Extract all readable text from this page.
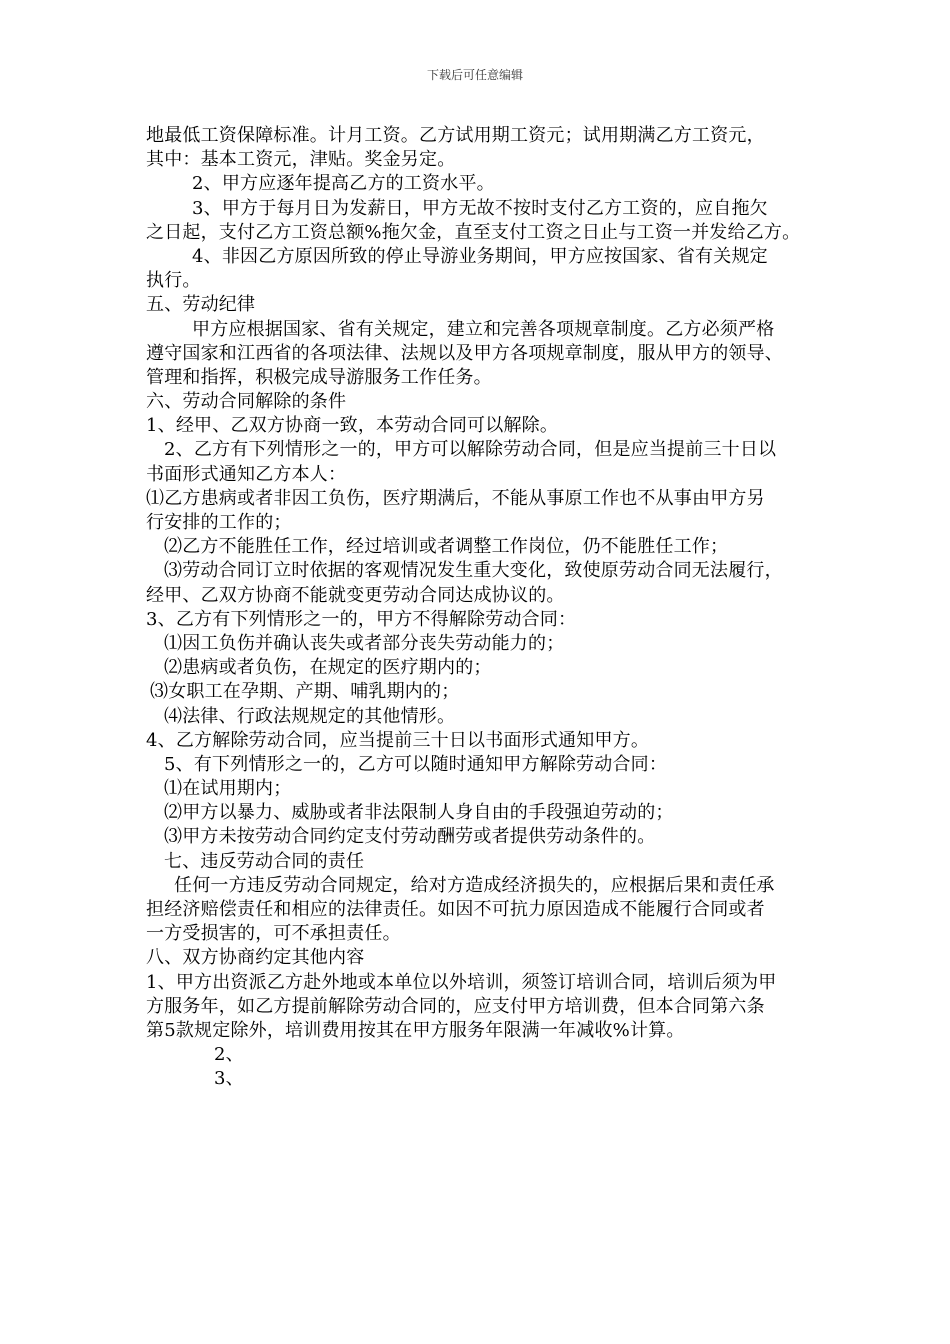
下载后可任意编辑
地最低工资保障标准。计月工资。乙方试用期工资元；试用期满乙方工资元，
其中：基本工资元，津贴。奖金另定。
2、甲方应逐年提高乙方的工资水平。
3、甲方于每月日为发薪日，甲方无故不按时支付乙方工资的，应自拖欠
之日起，支付乙方工资总额%拖欠金，直至支付工资之日止与工资一并发给乙方。
4、非因乙方原因所致的停止导游业务期间，甲方应按国家、省有关规定
执行。
五、劳动纪律
甲方应根据国家、省有关规定，建立和完善各项规章制度。乙方必须严格
遵守国家和江西省的各项法律、法规以及甲方各项规章制度，服从甲方的领导、
管理和指挥，积极完成导游服务工作任务。
六、劳动合同解除的条件
1、经甲、乙双方协商一致，本劳动合同可以解除。
2、乙方有下列情形之一的，甲方可以解除劳动合同，但是应当提前三十日以
书面形式通知乙方本人：
⑴乙方患病或者非因工负伤，医疗期满后，不能从事原工作也不从事由甲方另
行安排的工作的；
⑵乙方不能胜任工作，经过培训或者调整工作岗位，仍不能胜任工作；
⑶劳动合同订立时依据的客观情况发生重大变化，致使原劳动合同无法履行，
经甲、乙双方协商不能就变更劳动合同达成协议的。
3、乙方有下列情形之一的，甲方不得解除劳动合同：
⑴因工负伤并确认丧失或者部分丧失劳动能力的；
⑵患病或者负伤，在规定的医疗期内的；
⑶女职工在孕期、产期、哺乳期内的；
⑷法律、行政法规规定的其他情形。
4、乙方解除劳动合同，应当提前三十日以书面形式通知甲方。
5、有下列情形之一的，乙方可以随时通知甲方解除劳动合同：
⑴在试用期内；
⑵甲方以暴力、威胁或者非法限制人身自由的手段强迫劳动的；
⑶甲方未按劳动合同约定支付劳动酬劳或者提供劳动条件的。
七、违反劳动合同的责任
任何一方违反劳动合同规定，给对方造成经济损失的，应根据后果和责任承
担经济赔偿责任和相应的法律责任。如因不可抗力原因造成不能履行合同或者
一方受损害的，可不承担责任。
八、双方协商约定其他内容
1、甲方出资派乙方赴外地或本单位以外培训，须签订培训合同，培训后须为甲
方服务年，如乙方提前解除劳动合同的，应支付甲方培训费，但本合同第六条
第5款规定除外，培训费用按其在甲方服务年限满一年减收%计算。
2、
3、
